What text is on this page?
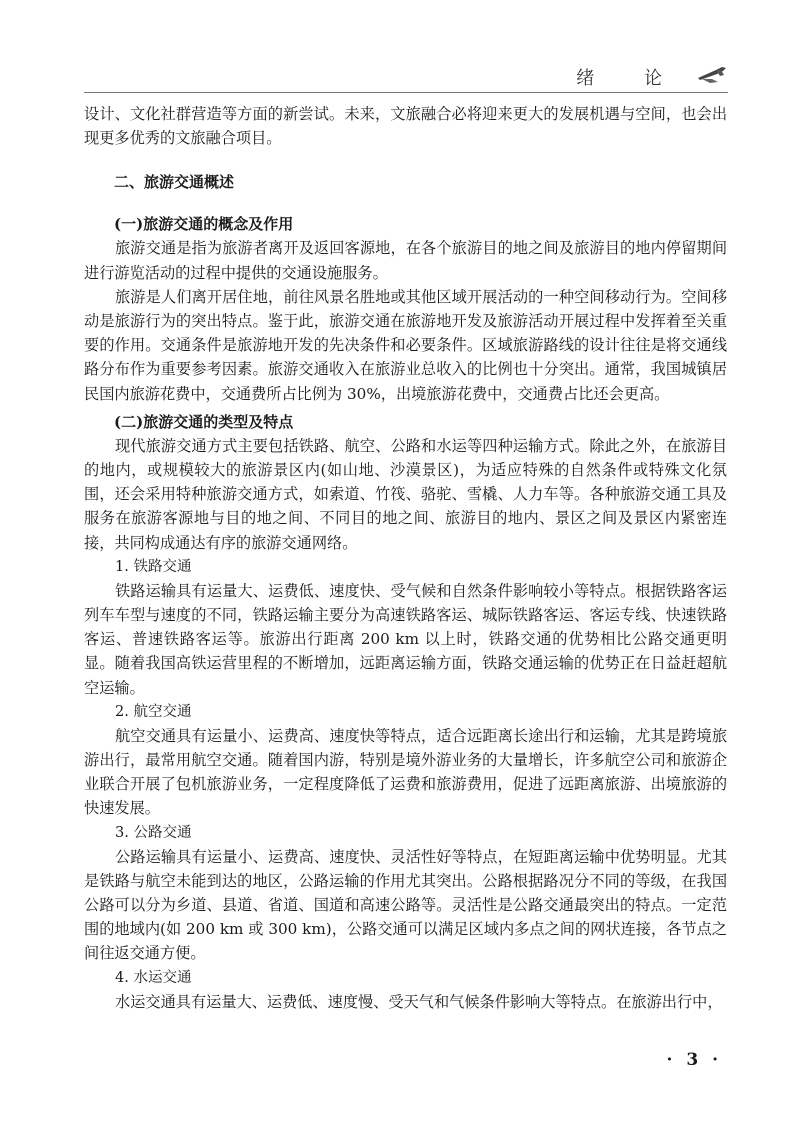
绪 论

设计、文化社群营造等方面的新尝试。未来，文旅融合必将迎来更大的发展机遇与空间，也会出现更多优秀的文旅融合项目。

二、旅游交通概述
(一)旅游交通的概念及作用

旅游交通是指为旅游者离开及返回客源地，在各个旅游目的地之间及旅游目的地内停留期间进行游览活动的过程中提供的交通设施服务。

旅游是人们离开居住地，前往风景名胜地或其他区域开展活动的一种空间移动行为。空间移动是旅游行为的突出特点。鉴于此，旅游交通在旅游地开发及旅游活动开展过程中发挥着至关重要的作用。交通条件是旅游地开发的先决条件和必要条件。区域旅游路线的设计往往是将交通线路分布作为重要参考因素。旅游交通收入在旅游业总收入的比例也十分突出。通常，我国城镇居民国内旅游花费中，交通费所占比例为 30%，出境旅游花费中，交通费占比还会更高。

(二)旅游交通的类型及特点

现代旅游交通方式主要包括铁路、航空、公路和水运等四种运输方式。除此之外，在旅游目的地内，或规模较大的旅游景区内(如山地、沙漠景区)，为适应特殊的自然条件或特殊文化氛围，还会采用特种旅游交通方式，如索道、竹筏、骆驼、雪橇、人力车等。各种旅游交通工具及服务在旅游客源地与目的地之间、不同目的地之间、旅游目的地内、景区之间及景区内紧密连接，共同构成通达有序的旅游交通网络。

1. 铁路交通

铁路运输具有运量大、运费低、速度快、受气候和自然条件影响较小等特点。根据铁路客运列车车型与速度的不同，铁路运输主要分为高速铁路客运、城际铁路客运、客运专线、快速铁路客运、普速铁路客运等。旅游出行距离 200 km 以上时，铁路交通的优势相比公路交通更明显。随着我国高铁运营里程的不断增加，远距离运输方面，铁路交通运输的优势正在日益赶超航空运输。

2. 航空交通

航空交通具有运量小、运费高、速度快等特点，适合远距离长途出行和运输，尤其是跨境旅游出行，最常用航空交通。随着国内游，特别是境外游业务的大量增长，许多航空公司和旅游企业联合开展了包机旅游业务，一定程度降低了运费和旅游费用，促进了远距离旅游、出境旅游的快速发展。

3. 公路交通

公路运输具有运量小、运费高、速度快、灵活性好等特点，在短距离运输中优势明显。尤其是铁路与航空未能到达的地区，公路运输的作用尤其突出。公路根据路况分不同的等级，在我国公路可以分为乡道、县道、省道、国道和高速公路等。灵活性是公路交通最突出的特点。一定范围的地域内(如 200 km 或 300 km)，公路交通可以满足区域内多点之间的网状连接，各节点之间往返交通方便。

4. 水运交通

水运交通具有运量大、运费低、速度慢、受天气和气候条件影响大等特点。在旅游出行中，

· 3 ·
